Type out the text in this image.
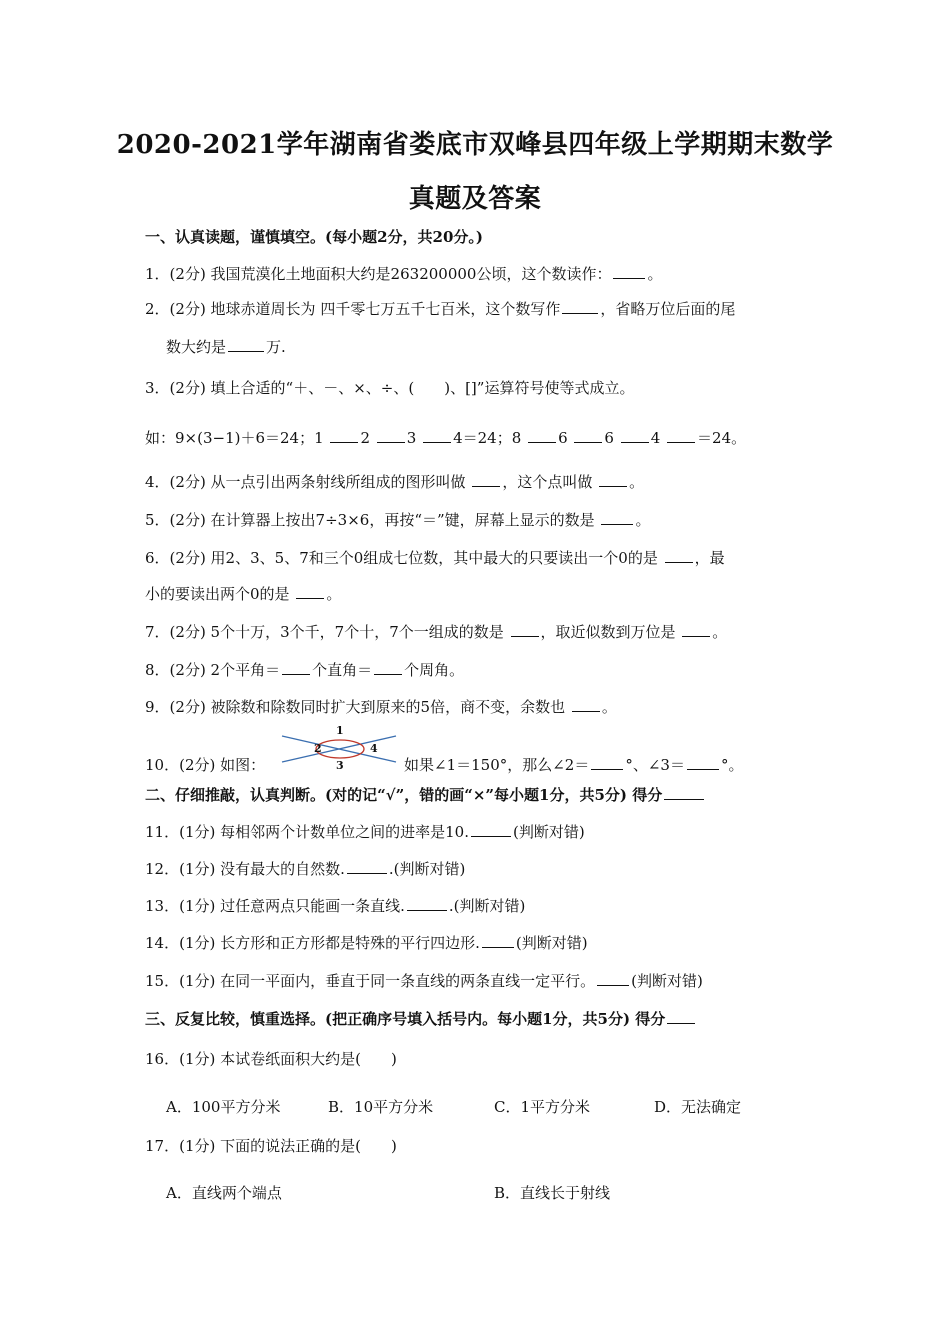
2020-2021学年湖南省娄底市双峰县四年级上学期期末数学
真题及答案
一、认真读题，谨慎填空。(每小题2分，共20分。)
1．(2分) 我国荒漠化土地面积大约是263200000公顷，这个数读作： 。
2．(2分) 地球赤道周长为 四千零七万五千七百米，这个数写作	，省略万位后面的尾
数大约是	万.
3．(2分) 填上合适的“＋、－、×、÷、(　　)、[]”运算符号使等式成立。
如：9×(3−1)＋6＝24；1 2 3 4＝24；8 6 6 4 ＝24。
4．(2分) 从一点引出两条射线所组成的图形叫做 ，这个点叫做 。
5．(2分) 在计算器上按出7÷3×6，再按“＝”键，屏幕上显示的数是 。
6．(2分) 用2、3、5、7和三个0组成七位数，其中最大的只要读出一个0的是 ，最
小的要读出两个0的是 。
7．(2分) 5个十万，3个千，7个十，7个一组成的数是 ，取近似数到万位是 。
8．(2分) 2个平角＝ 个直角＝ 个周角。
9．(2分) 被除数和除数同时扩大到原来的5倍，商不变，余数也 。
10．(2分) 如图：
1
2
3
4
如果∠1＝150°，那么∠2＝ °、∠3＝ °。
二、仔细推敲，认真判断。(对的记“√”，错的画“×”每小题1分，共5分) 得分
11．(1分) 每相邻两个计数单位之间的进率是10.	(判断对错)
12．(1分) 没有最大的自然数.	.(判断对错)
13．(1分) 过任意两点只能画一条直线.	.(判断对错)
14．(1分) 长方形和正方形都是特殊的平行四边形. (判断对错)
15．(1分) 在同一平面内，垂直于同一条直线的两条直线一定平行。 (判断对错)
三、反复比较，慎重选择。(把正确序号填入括号内。每小题1分，共5分) 得分
16．(1分) 本试卷纸面积大约是(　　)
A．100平方分米	B．10平方分米	C．1平方分米	D．无法确定
17．(1分) 下面的说法正确的是(　　)
A．直线两个端点	B．直线长于射线
